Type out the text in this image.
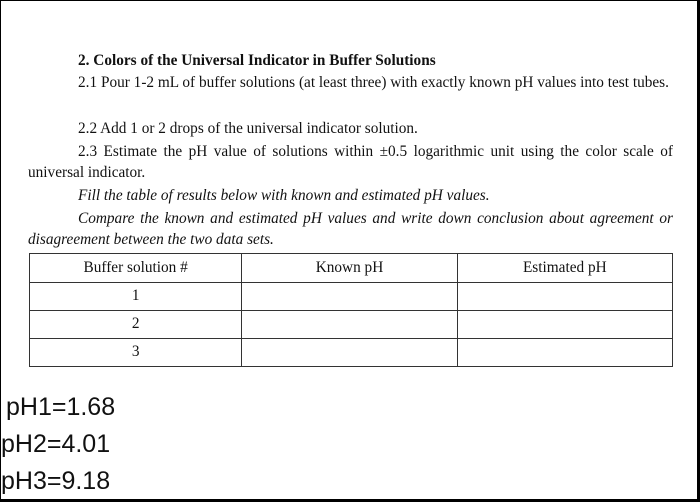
2. Colors of the Universal Indicator in Buffer Solutions
2.1 Pour 1-2 mL of buffer solutions (at least three) with exactly known pH values into test tubes.
2.2 Add 1 or 2 drops of the universal indicator solution.
2.3 Estimate the pH value of solutions within ±0.5 logarithmic unit using the color scale of universal indicator.
Fill the table of results below with known and estimated pH values.
Compare the known and estimated pH values and write down conclusion about agreement or disagreement between the two data sets.
Buffer solution #	Known pH	Estimated pH
1		
2		
3		
pH1=1.68
pH2=4.01
pH3=9.18
